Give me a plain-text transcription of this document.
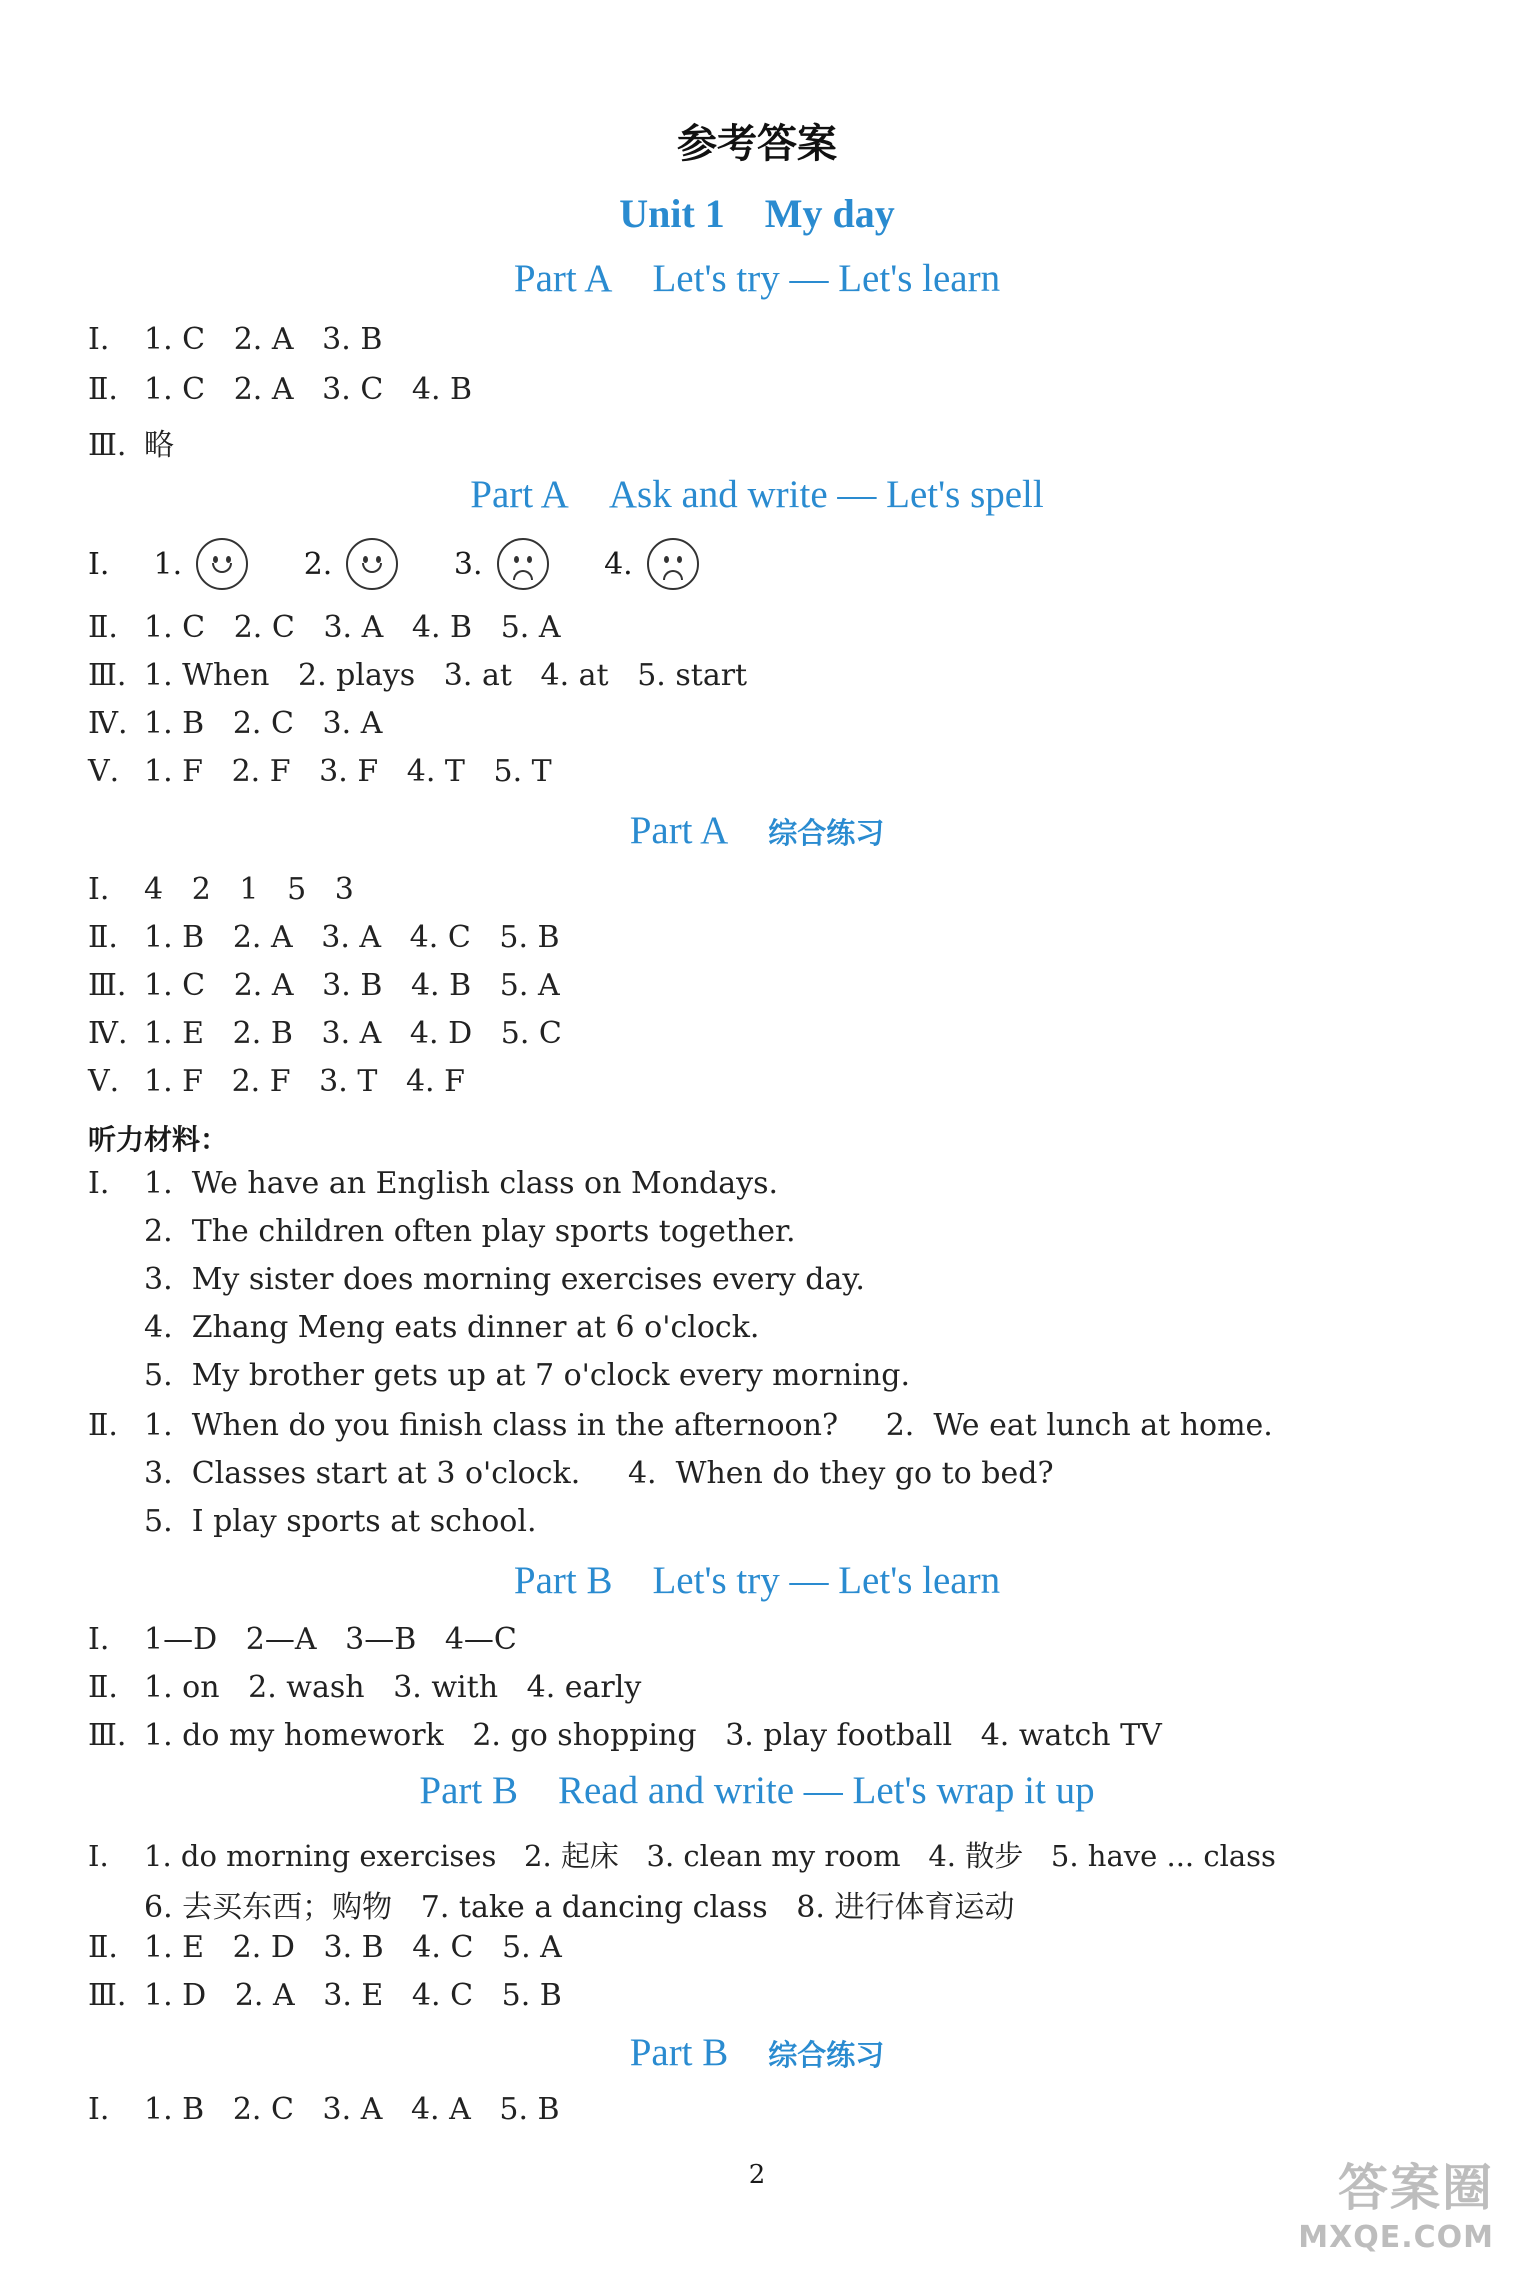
参考答案
Unit 1 My day
Part A Let's try — Let's learn
Ⅰ. 1. C   2. A   3. B
Ⅱ. 1. C   2. A   3. C   4. B
Ⅲ. 略
Part A Ask and write — Let's spell
Ⅰ. 1.
	2.
	3.
	4.
Ⅱ. 1. C   2. C   3. A   4. B   5. A
Ⅲ. 1. When   2. plays   3. at   4. at   5. start
Ⅳ. 1. B   2. C   3. A
Ⅴ. 1. F   2. F   3. F   4. T   5. T
Part A 综合练习
Ⅰ. 4   2   1   5   3
Ⅱ. 1. B   2. A   3. A   4. C   5. B
Ⅲ. 1. C   2. A   3. B   4. B   5. A
Ⅳ. 1. E   2. B   3. A   4. D   5. C
Ⅴ. 1. F   2. F   3. T   4. F
听力材料：
Ⅰ. 1.  We have an English class on Mondays.
2.  The children often play sports together.
3.  My sister does morning exercises every day.
4.  Zhang Meng eats dinner at 6 o'clock.
5.  My brother gets up at 7 o'clock every morning.
Ⅱ. 1.  When do you finish class in the afternoon?     2.  We eat lunch at home.
3.  Classes start at 3 o'clock.     4.  When do they go to bed?
5.  I play sports at school.
Part B Let's try — Let's learn
Ⅰ. 1—D   2—A   3—B   4—C
Ⅱ. 1. on   2. wash   3. with   4. early
Ⅲ. 1. do my homework   2. go shopping   3. play football   4. watch TV
Part B Read and write — Let's wrap it up
Ⅰ. 1. do morning exercises   2. 起床   3. clean my room   4. 散步   5. have ... class
6. 去买东西；购物   7. take a dancing class   8. 进行体育运动
Ⅱ. 1. E   2. D   3. B   4. C   5. A
Ⅲ. 1. D   2. A   3. E   4. C   5. B
Part B 综合练习
Ⅰ. 1. B   2. C   3. A   4. A   5. B
2	答案圈
MXQE.COM
